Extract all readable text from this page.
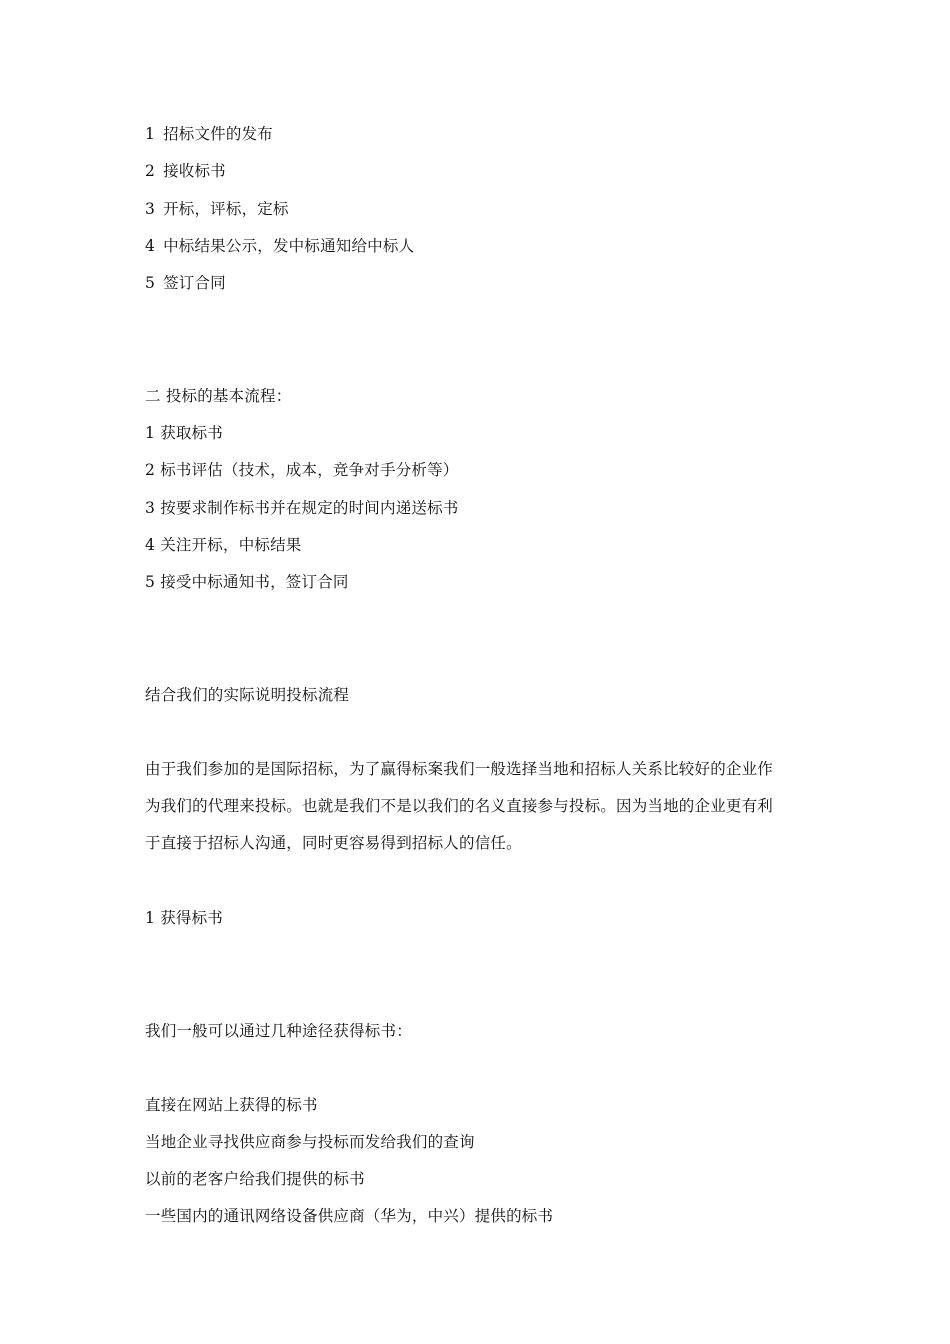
1 招标文件的发布
2 接收标书
3 开标，评标，定标
4 中标结果公示，发中标通知给中标人
5 签订合同
二 投标的基本流程：
1 获取标书
2 标书评估（技术，成本，竞争对手分析等）
3 按要求制作标书并在规定的时间内递送标书
4 关注开标，中标结果
5 接受中标通知书，签订合同
结合我们的实际说明投标流程
由于我们参加的是国际招标，为了赢得标案我们一般选择当地和招标人关系比较好的企业作
为我们的代理来投标。也就是我们不是以我们的名义直接参与投标。因为当地的企业更有利
于直接于招标人沟通，同时更容易得到招标人的信任。
1 获得标书
我们一般可以通过几种途径获得标书：
直接在网站上获得的标书
当地企业寻找供应商参与投标而发给我们的查询
以前的老客户给我们提供的标书
一些国内的通讯网络设备供应商（华为，中兴）提供的标书
